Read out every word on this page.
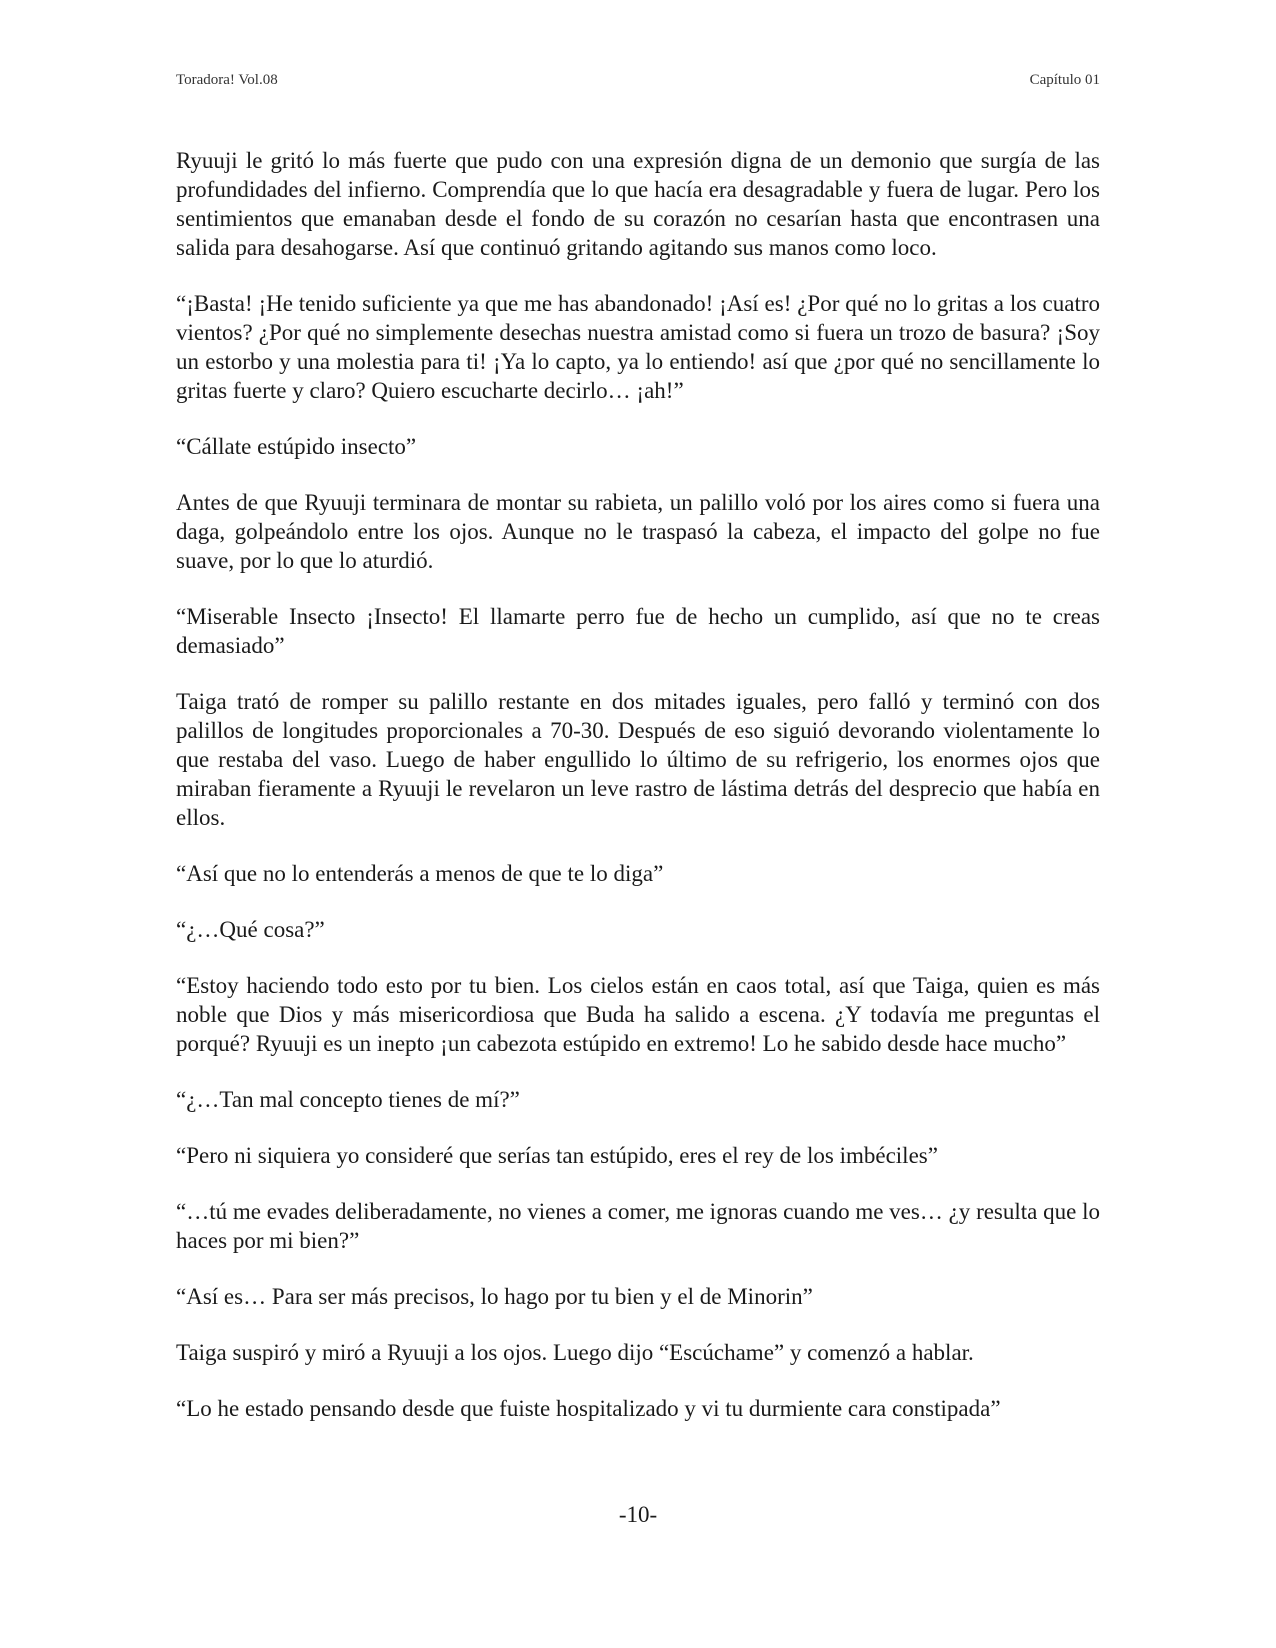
Toradora! Vol.08	Capítulo 01

Ryuuji le gritó lo más fuerte que pudo con una expresión digna de un demonio que surgía de las profundidades del infierno. Comprendía que lo que hacía era desagradable y fuera de lugar. Pero los sentimientos que emanaban desde el fondo de su corazón no cesarían hasta que encontrasen una salida para desahogarse. Así que continuó gritando agitando sus manos como loco.

“¡Basta! ¡He tenido suficiente ya que me has abandonado! ¡Así es! ¿Por qué no lo gritas a los cuatro vientos? ¿Por qué no simplemente desechas nuestra amistad como si fuera un trozo de basura? ¡Soy un estorbo y una molestia para ti! ¡Ya lo capto, ya lo entiendo! así que ¿por qué no sencillamente lo gritas fuerte y claro? Quiero escucharte decirlo… ¡ah!”

“Cállate estúpido insecto”

Antes de que Ryuuji terminara de montar su rabieta, un palillo voló por los aires como si fuera una daga, golpeándolo entre los ojos. Aunque no le traspasó la cabeza, el impacto del golpe no fue suave, por lo que lo aturdió.

“Miserable Insecto ¡Insecto! El llamarte perro fue de hecho un cumplido, así que no te creas demasiado”

Taiga trató de romper su palillo restante en dos mitades iguales, pero falló y terminó con dos palillos de longitudes proporcionales a 70-30. Después de eso siguió devorando violentamente lo que restaba del vaso. Luego de haber engullido lo último de su refrigerio, los enormes ojos que miraban fieramente a Ryuuji le revelaron un leve rastro de lástima detrás del desprecio que había en ellos.

“Así que no lo entenderás a menos de que te lo diga”

“¿…Qué cosa?”

“Estoy haciendo todo esto por tu bien. Los cielos están en caos total, así que Taiga, quien es más noble que Dios y más misericordiosa que Buda ha salido a escena. ¿Y todavía me preguntas el porqué? Ryuuji es un inepto ¡un cabezota estúpido en extremo! Lo he sabido desde hace mucho”

“¿…Tan mal concepto tienes de mí?”

“Pero ni siquiera yo consideré que serías tan estúpido, eres el rey de los imbéciles”

“…tú me evades deliberadamente, no vienes a comer, me ignoras cuando me ves… ¿y resulta que lo haces por mi bien?”

“Así es… Para ser más precisos, lo hago por tu bien y el de Minorin”

Taiga suspiró y miró a Ryuuji a los ojos. Luego dijo “Escúchame” y comenzó a hablar.

“Lo he estado pensando desde que fuiste hospitalizado y vi tu durmiente cara constipada”

-10-
